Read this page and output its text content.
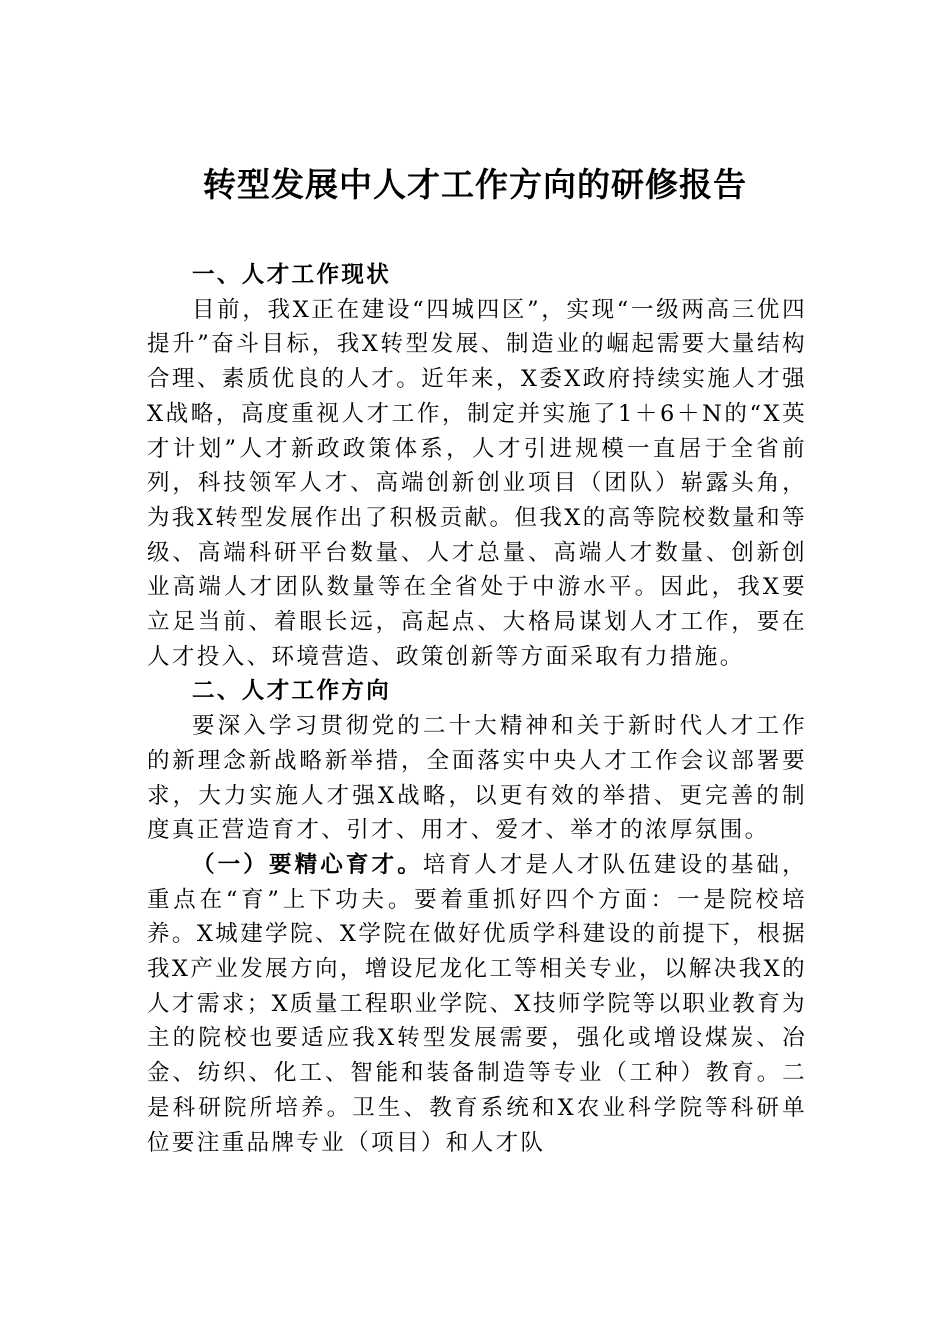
转型发展中人才工作方向的研修报告
一、人才工作现状

目前，我X正在建设“四城四区”，实现“一级两高三优四提升”奋斗目标，我X转型发展、制造业的崛起需要大量结构合理、素质优良的人才。近年来，X委X政府持续实施人才强X战略，高度重视人才工作，制定并实施了1＋6＋N的“X英才计划”人才新政政策体系，人才引进规模一直居于全省前列，科技领军人才、高端创新创业项目（团队）崭露头角，为我X转型发展作出了积极贡献。但我X的高等院校数量和等级、高端科研平台数量、人才总量、高端人才数量、创新创业高端人才团队数量等在全省处于中游水平。因此，我X要立足当前、着眼长远，高起点、大格局谋划人才工作，要在人才投入、环境营造、政策创新等方面采取有力措施。

二、人才工作方向

要深入学习贯彻党的二十大精神和关于新时代人才工作的新理念新战略新举措，全面落实中央人才工作会议部署要求，大力实施人才强X战略，以更有效的举措、更完善的制度真正营造育才、引才、用才、爱才、举才的浓厚氛围。

（一）要精心育才。培育人才是人才队伍建设的基础，重点在“育”上下功夫。要着重抓好四个方面：一是院校培养。X城建学院、X学院在做好优质学科建设的前提下，根据我X产业发展方向，增设尼龙化工等相关专业，以解决我X的人才需求；X质量工程职业学院、X技师学院等以职业教育为主的院校也要适应我X转型发展需要，强化或增设煤炭、冶金、纺织、化工、智能和装备制造等专业（工种）教育。二是科研院所培养。卫生、教育系统和X农业科学院等科研单位要注重品牌专业（项目）和人才队
